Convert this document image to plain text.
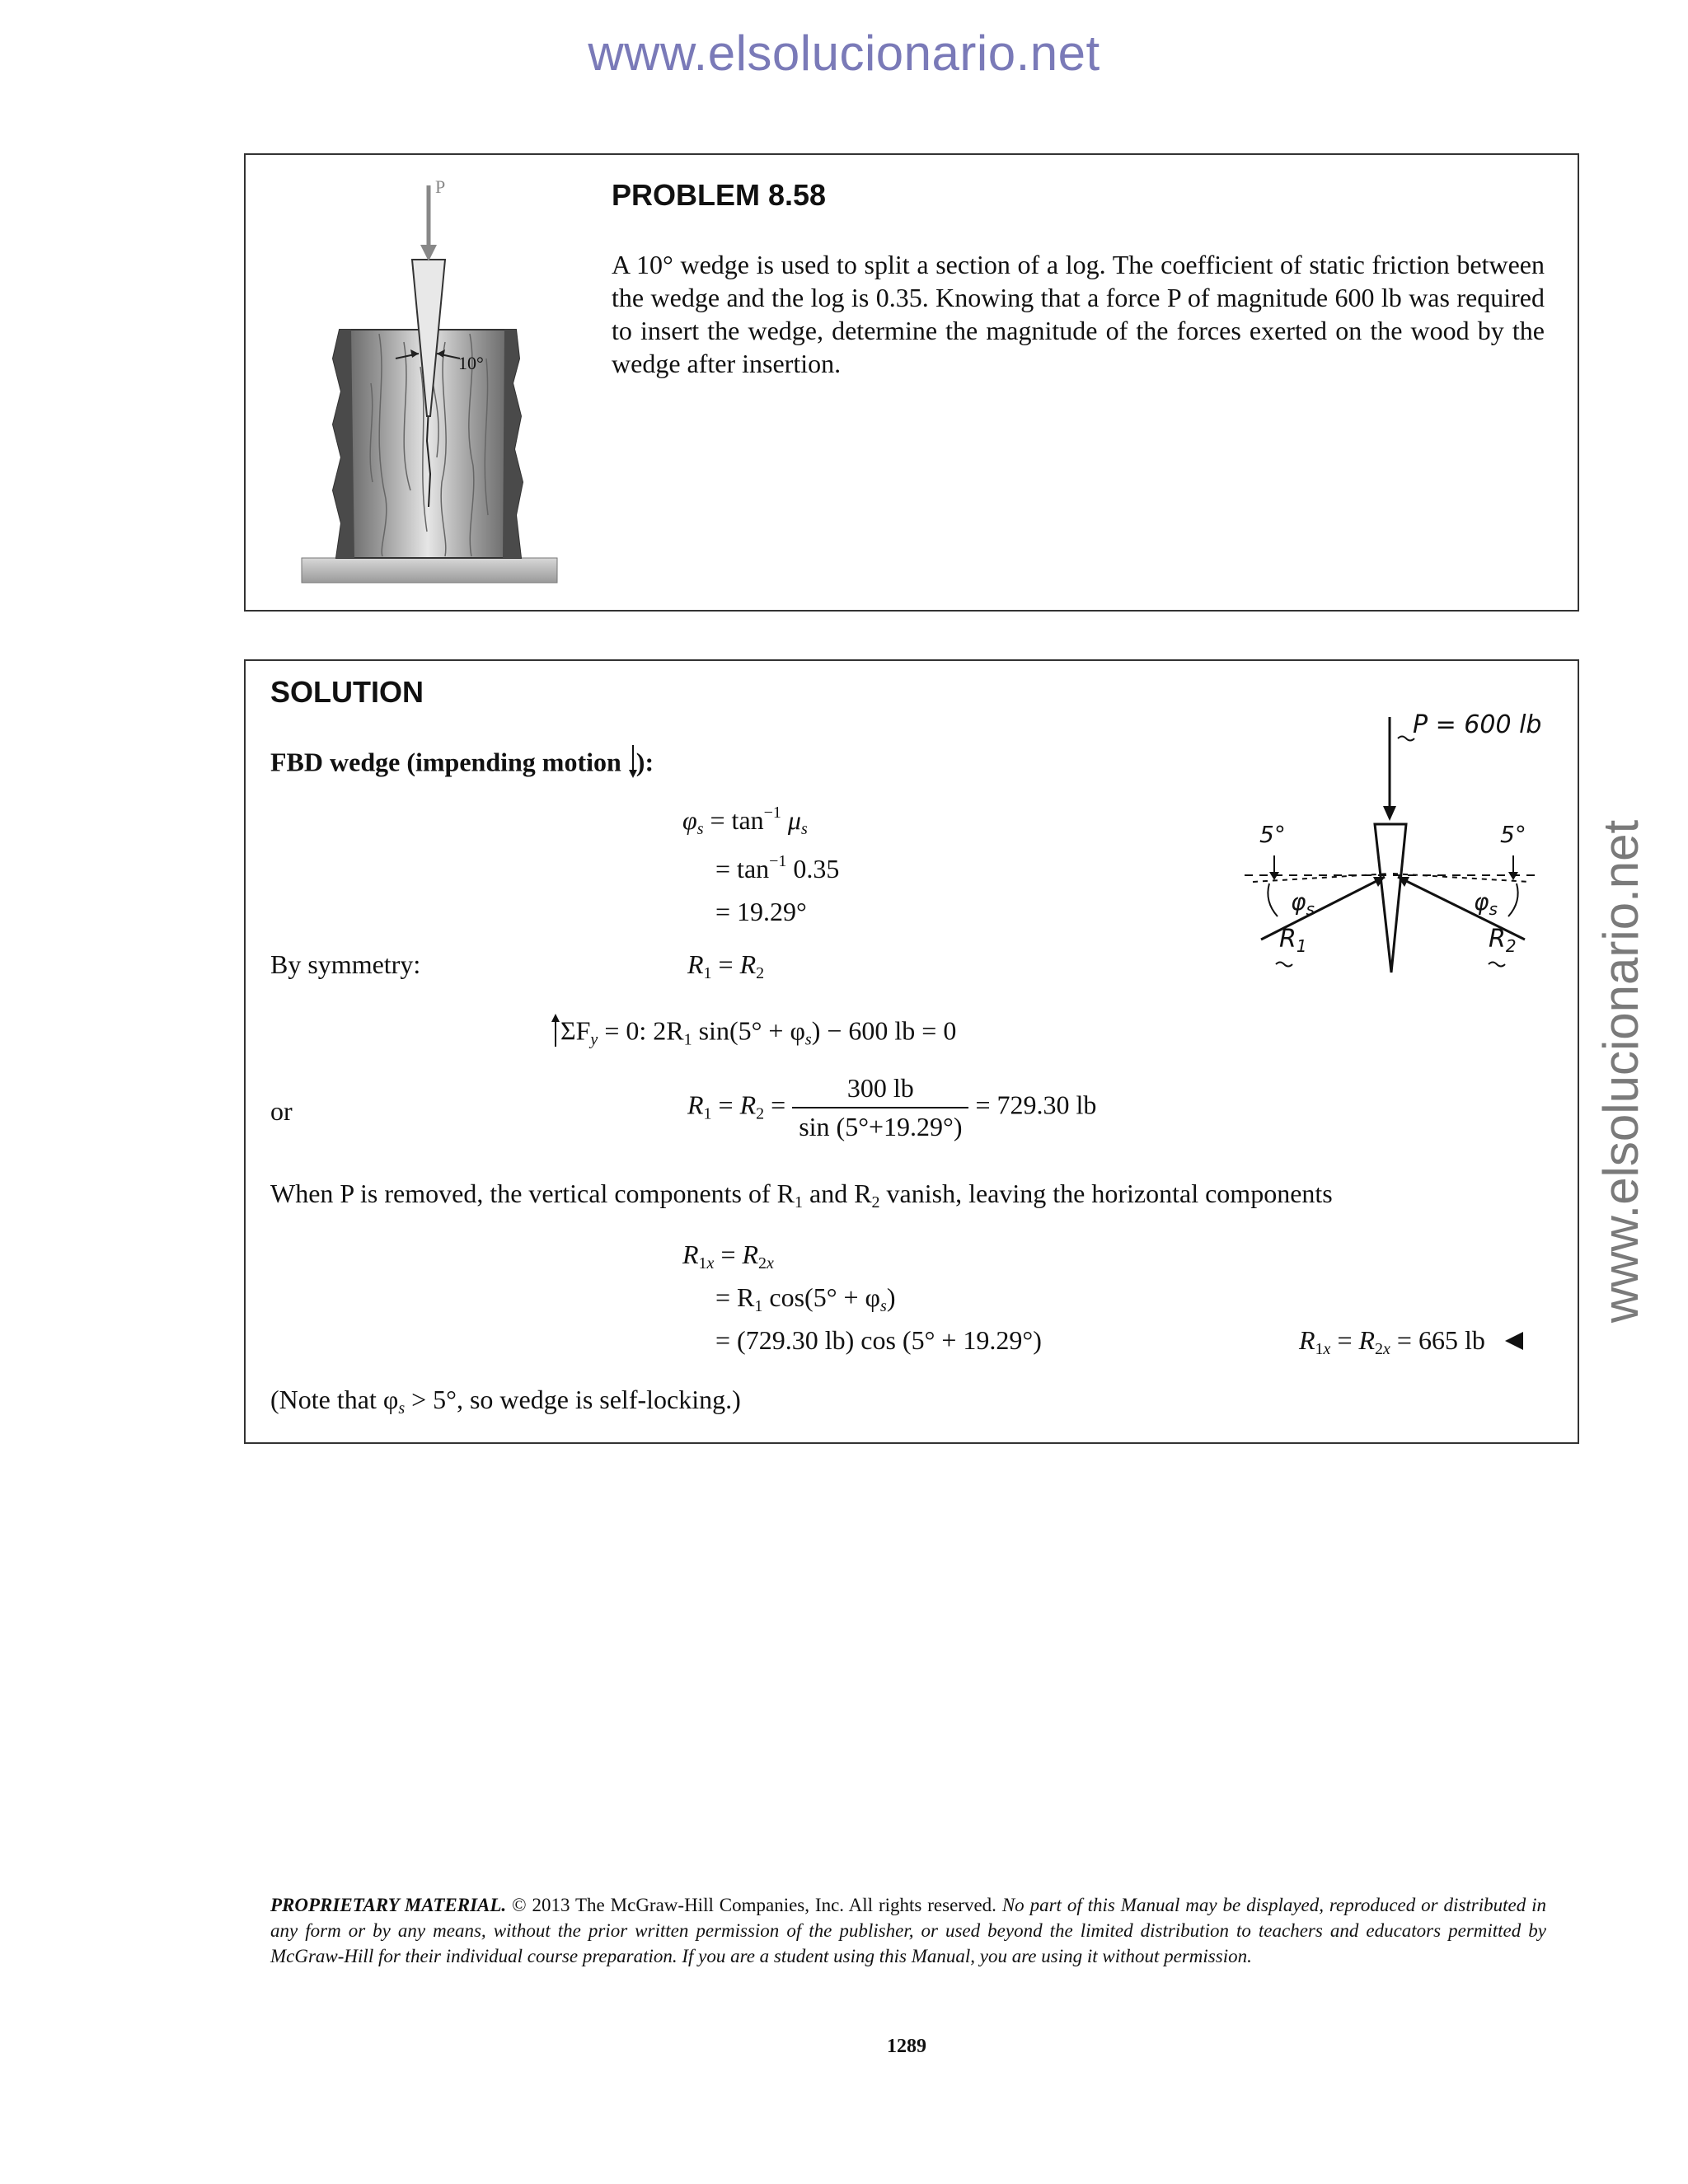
www.elsolucionario.net
www.elsolucionario.net
P
10°
PROBLEM 8.58
A 10° wedge is used to split a section of a log. The coefficient of static friction between the wedge and the log is 0.35. Knowing that a force P of magnitude 600 lb was required to insert the wedge, determine the magnitude of the forces exerted on the wood by the wedge after insertion.
SOLUTION
FBD wedge (impending motion ):
$\varphi_s = \tan^{-1} \mu_s$
= $\tan^{-1} 0.35$
= 19.29°
By symmetry:	$R_1 = R_2$
$\Sigma F_y = 0$: $2R_1$ $\sin(5^\circ + \varphi_s) - 600$ lb = 0
or	$R_1 = R_2 = \frac{300 lb}{\sin (5^\circ+19.29^\circ)} = 729.30$ lb
When P is removed, the vertical components of $R_1$ and $R_2$ vanish, leaving the horizontal components
$R_{1x} = R_{2x}$
= $R_1$ $\cos(5^\circ + \varphi_s)$
= (729.30 lb) cos (5° + 19.29°)	$R_{1x} = R_{2x} = 665$ lb
(Note that $\varphi_s > 5^\circ$, so wedge is self-locking.)
P = 600 lb
5°	5°
$\varphi_s$	$\varphi_s$
$R_1$	$R_2$
PROPRIETARY MATERIAL. © 2013 The McGraw-Hill Companies, Inc. All rights reserved. No part of this Manual may be displayed, reproduced or distributed in any form or by any means, without the prior written permission of the publisher, or used beyond the limited distribution to teachers and educators permitted by McGraw-Hill for their individual course preparation. If you are a student using this Manual, you are using it without permission.
1289
